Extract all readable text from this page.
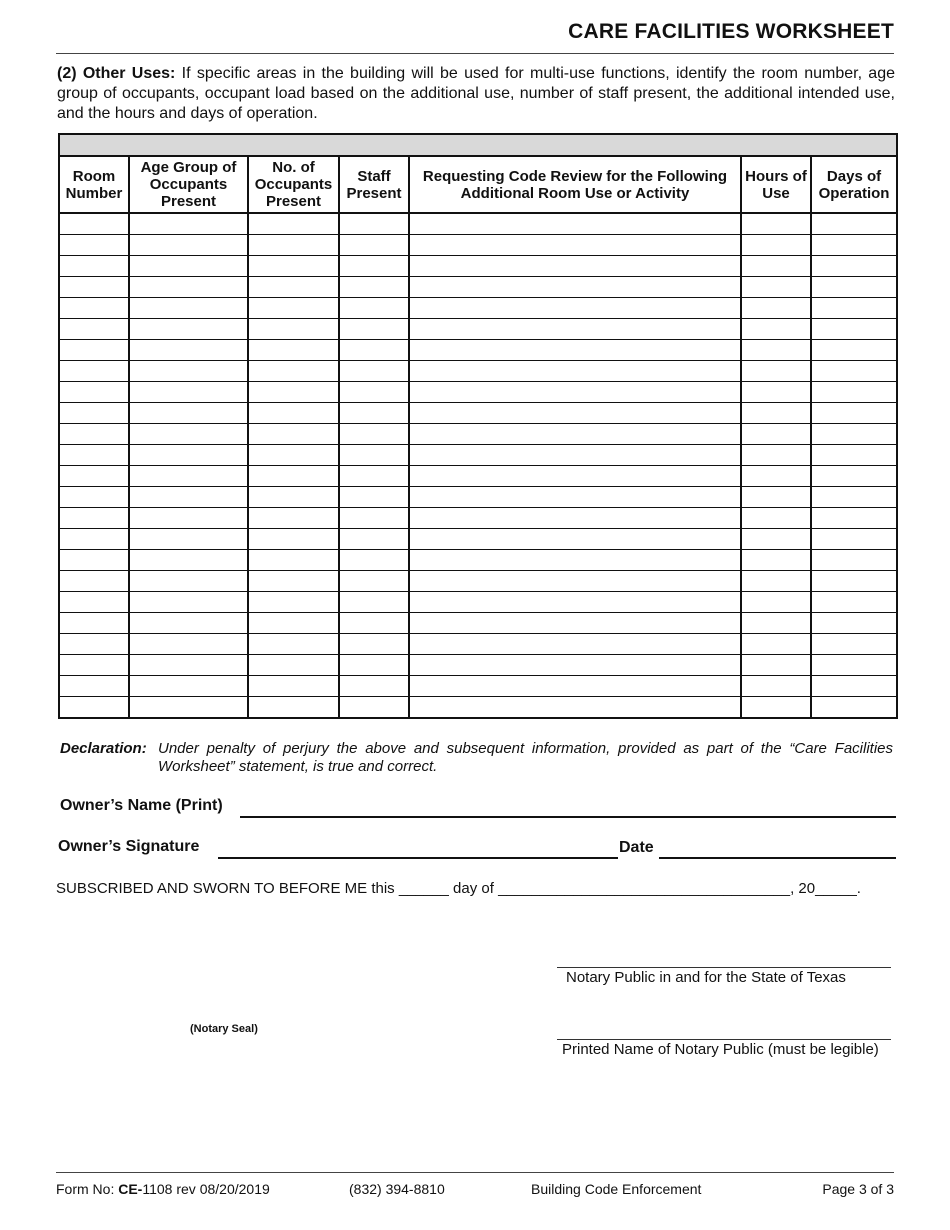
CARE FACILITIES WORKSHEET
(2) Other Uses: If specific areas in the building will be used for multi-use functions, identify the room number, age group of occupants, occupant load based on the additional use, number of staff present, the additional intended use, and the hours and days of operation.

Room Number	Age Group of Occupants Present	No. of Occupants Present	Staff Present	Requesting Code Review for the Following Additional Room Use or Activity	Hours of Use	Days of Operation

Declaration: Under penalty of perjury the above and subsequent information, provided as part of the “Care Facilities Worksheet” statement, is true and correct.
Owner’s Name (Print)
Owner’s Signature	Date
SUBSCRIBED AND SWORN TO BEFORE ME this ______ day of ___________________________________, 20_____.
Notary Public in and for the State of Texas
(Notary Seal)
Printed Name of Notary Public (must be legible)
Form No: CE-1108 rev 08/20/2019	(832) 394-8810	Building Code Enforcement	Page 3 of 3
